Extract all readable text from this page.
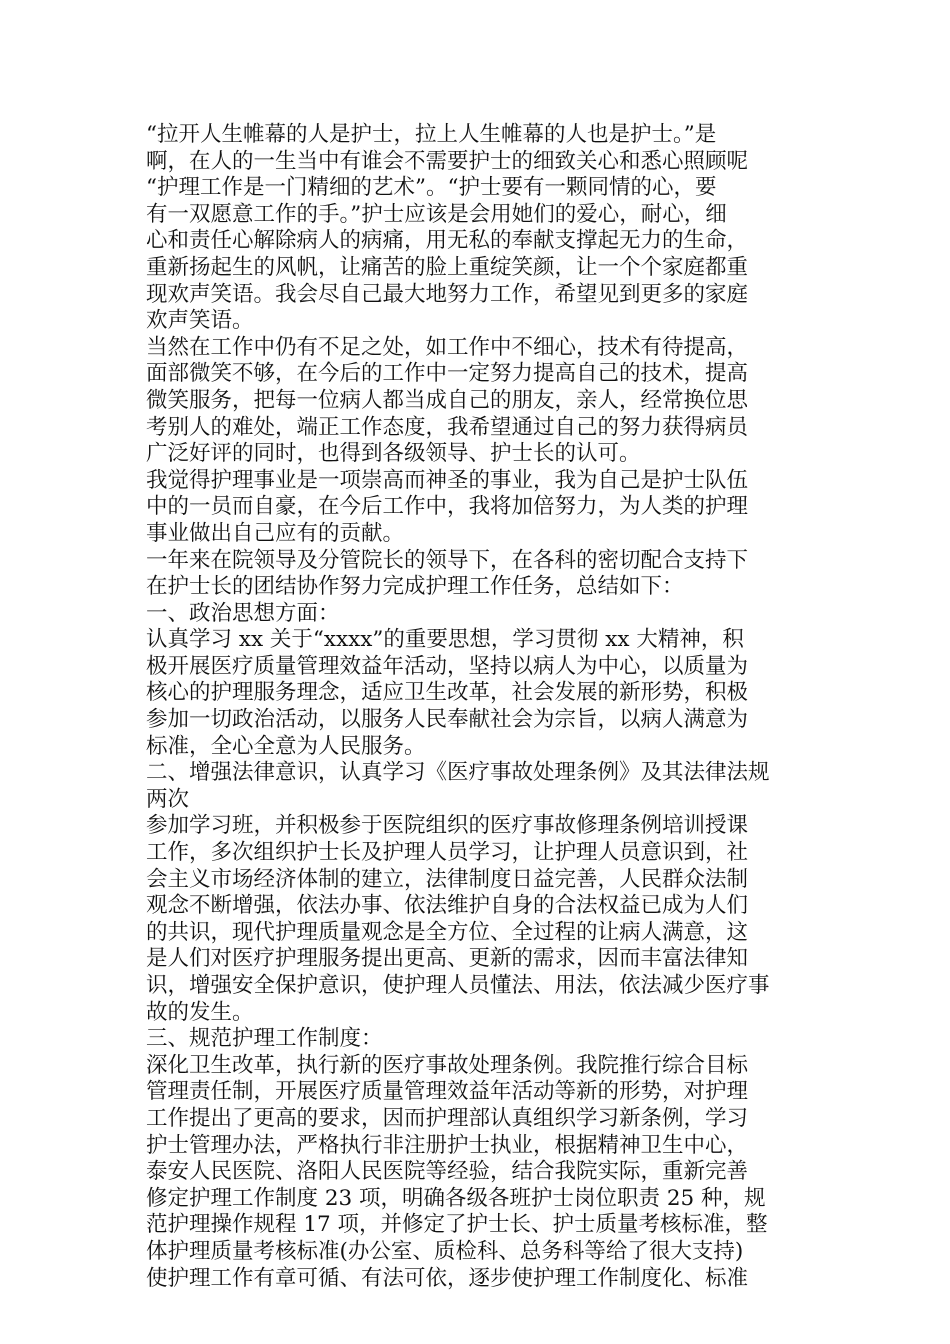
“拉开人生帷幕的人是护士，拉上人生帷幕的人也是护士。”是
啊，在人的一生当中有谁会不需要护士的细致关心和悉心照顾呢
“护理工作是一门精细的艺术”。“护士要有一颗同情的心，要
有一双愿意工作的手。”护士应该是会用她们的爱心，耐心，细
心和责任心解除病人的病痛，用无私的奉献支撑起无力的生命，
重新扬起生的风帆，让痛苦的脸上重绽笑颜，让一个个家庭都重
现欢声笑语。我会尽自己最大地努力工作，希望见到更多的家庭
欢声笑语。
当然在工作中仍有不足之处，如工作中不细心，技术有待提高，
面部微笑不够，在今后的工作中一定努力提高自己的技术，提高
微笑服务，把每一位病人都当成自己的朋友，亲人，经常换位思
考别人的难处，端正工作态度，我希望通过自己的努力获得病员
广泛好评的同时，也得到各级领导、护士长的认可。
我觉得护理事业是一项崇高而神圣的事业，我为自己是护士队伍
中的一员而自豪，在今后工作中，我将加倍努力，为人类的护理
事业做出自己应有的贡献。
一年来在院领导及分管院长的领导下，在各科的密切配合支持下
在护士长的团结协作努力完成护理工作任务，总结如下：
一、政治思想方面：
认真学习 xx 关于“xxxx”的重要思想，学习贯彻 xx 大精神，积
极开展医疗质量管理效益年活动，坚持以病人为中心，以质量为
核心的护理服务理念，适应卫生改革，社会发展的新形势，积极
参加一切政治活动，以服务人民奉献社会为宗旨，以病人满意为
标准，全心全意为人民服务。
二、增强法律意识，认真学习《医疗事故处理条例》及其法律法规
两次
参加学习班，并积极参于医院组织的医疗事故修理条例培训授课
工作，多次组织护士长及护理人员学习，让护理人员意识到，社
会主义市场经济体制的建立，法律制度日益完善，人民群众法制
观念不断增强，依法办事、依法维护自身的合法权益已成为人们
的共识，现代护理质量观念是全方位、全过程的让病人满意，这
是人们对医疗护理服务提出更高、更新的需求，因而丰富法律知
识，增强安全保护意识，使护理人员懂法、用法，依法减少医疗事
故的发生。
三、规范护理工作制度：
深化卫生改革，执行新的医疗事故处理条例。我院推行综合目标
管理责任制，开展医疗质量管理效益年活动等新的形势，对护理
工作提出了更高的要求，因而护理部认真组织学习新条例，学习
护士管理办法，严格执行非注册护士执业，根据精神卫生中心，
泰安人民医院、洛阳人民医院等经验，结合我院实际，重新完善
修定护理工作制度 23 项，明确各级各班护士岗位职责 25 种，规
范护理操作规程 17 项，并修定了护士长、护士质量考核标准，整
体护理质量考核标准(办公室、质检科、总务科等给了很大支持)
使护理工作有章可循、有法可依，逐步使护理工作制度化、标准
